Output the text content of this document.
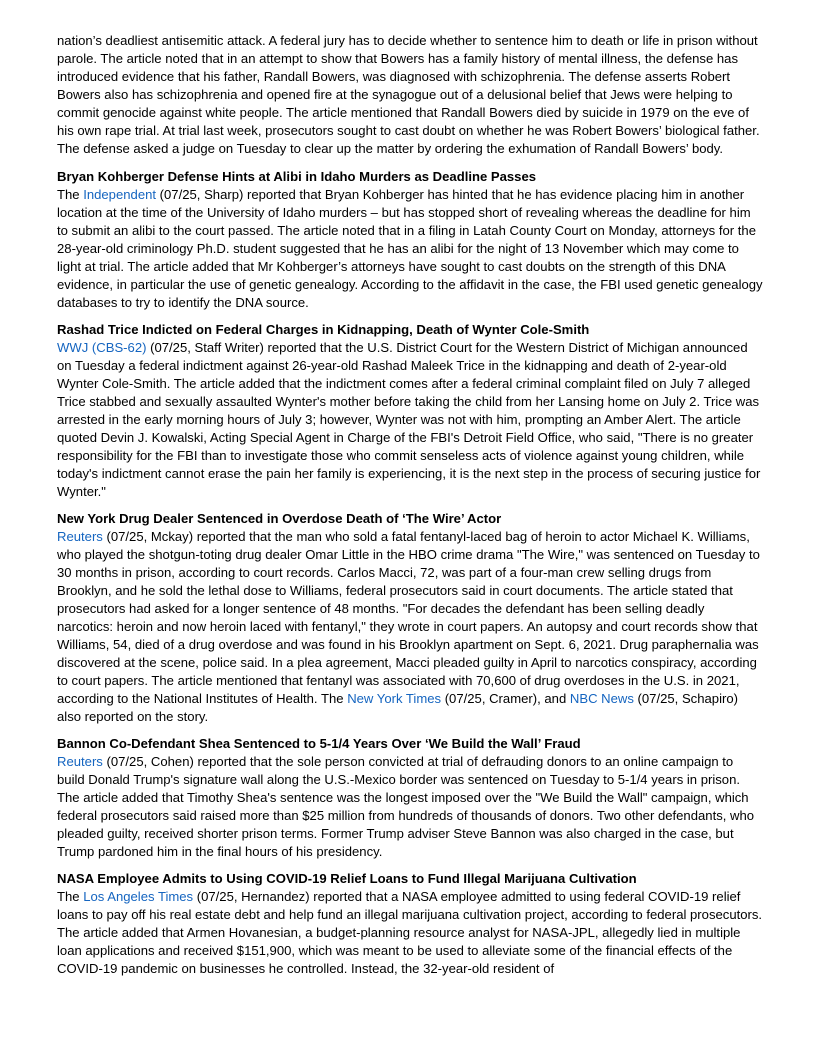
nation’s deadliest antisemitic attack. A federal jury has to decide whether to sentence him to death or life in prison without parole. The article noted that in an attempt to show that Bowers has a family history of mental illness, the defense has introduced evidence that his father, Randall Bowers, was diagnosed with schizophrenia. The defense asserts Robert Bowers also has schizophrenia and opened fire at the synagogue out of a delusional belief that Jews were helping to commit genocide against white people. The article mentioned that Randall Bowers died by suicide in 1979 on the eve of his own rape trial. At trial last week, prosecutors sought to cast doubt on whether he was Robert Bowers’ biological father. The defense asked a judge on Tuesday to clear up the matter by ordering the exhumation of Randall Bowers’ body.

Bryan Kohberger Defense Hints at Alibi in Idaho Murders as Deadline Passes

The Independent (07/25, Sharp) reported that Bryan Kohberger has hinted that he has evidence placing him in another location at the time of the University of Idaho murders – but has stopped short of revealing whereas the deadline for him to submit an alibi to the court passed. The article noted that in a filing in Latah County Court on Monday, attorneys for the 28-year-old criminology Ph.D. student suggested that he has an alibi for the night of 13 November which may come to light at trial. The article added that Mr Kohberger’s attorneys have sought to cast doubts on the strength of this DNA evidence, in particular the use of genetic genealogy. According to the affidavit in the case, the FBI used genetic genealogy databases to try to identify the DNA source.

Rashad Trice Indicted on Federal Charges in Kidnapping, Death of Wynter Cole-Smith

WWJ (CBS-62) (07/25, Staff Writer) reported that the U.S. District Court for the Western District of Michigan announced on Tuesday a federal indictment against 26-year-old Rashad Maleek Trice in the kidnapping and death of 2-year-old Wynter Cole-Smith. The article added that the indictment comes after a federal criminal complaint filed on July 7 alleged Trice stabbed and sexually assaulted Wynter's mother before taking the child from her Lansing home on July 2. Trice was arrested in the early morning hours of July 3; however, Wynter was not with him, prompting an Amber Alert. The article quoted Devin J. Kowalski, Acting Special Agent in Charge of the FBI's Detroit Field Office, who said, "There is no greater responsibility for the FBI than to investigate those who commit senseless acts of violence against young children, while today's indictment cannot erase the pain her family is experiencing, it is the next step in the process of securing justice for Wynter."

New York Drug Dealer Sentenced in Overdose Death of ‘The Wire’ Actor

Reuters (07/25, Mckay) reported that the man who sold a fatal fentanyl-laced bag of heroin to actor Michael K. Williams, who played the shotgun-toting drug dealer Omar Little in the HBO crime drama "The Wire," was sentenced on Tuesday to 30 months in prison, according to court records. Carlos Macci, 72, was part of a four-man crew selling drugs from Brooklyn, and he sold the lethal dose to Williams, federal prosecutors said in court documents. The article stated that prosecutors had asked for a longer sentence of 48 months. "For decades the defendant has been selling deadly narcotics: heroin and now heroin laced with fentanyl," they wrote in court papers. An autopsy and court records show that Williams, 54, died of a drug overdose and was found in his Brooklyn apartment on Sept. 6, 2021. Drug paraphernalia was discovered at the scene, police said. In a plea agreement, Macci pleaded guilty in April to narcotics conspiracy, according to court papers. The article mentioned that fentanyl was associated with 70,600 of drug overdoses in the U.S. in 2021, according to the National Institutes of Health. The New York Times (07/25, Cramer), and NBC News (07/25, Schapiro) also reported on the story.

Bannon Co-Defendant Shea Sentenced to 5-1/4 Years Over ‘We Build the Wall’ Fraud

Reuters (07/25, Cohen) reported that the sole person convicted at trial of defrauding donors to an online campaign to build Donald Trump's signature wall along the U.S.-Mexico border was sentenced on Tuesday to 5-1/4 years in prison. The article added that Timothy Shea's sentence was the longest imposed over the "We Build the Wall" campaign, which federal prosecutors said raised more than $25 million from hundreds of thousands of donors. Two other defendants, who pleaded guilty, received shorter prison terms. Former Trump adviser Steve Bannon was also charged in the case, but Trump pardoned him in the final hours of his presidency.

NASA Employee Admits to Using COVID-19 Relief Loans to Fund Illegal Marijuana Cultivation

The Los Angeles Times (07/25, Hernandez) reported that a NASA employee admitted to using federal COVID-19 relief loans to pay off his real estate debt and help fund an illegal marijuana cultivation project, according to federal prosecutors. The article added that Armen Hovanesian, a budget-planning resource analyst for NASA-JPL, allegedly lied in multiple loan applications and received $151,900, which was meant to be used to alleviate some of the financial effects of the COVID-19 pandemic on businesses he controlled. Instead, the 32-year-old resident of
